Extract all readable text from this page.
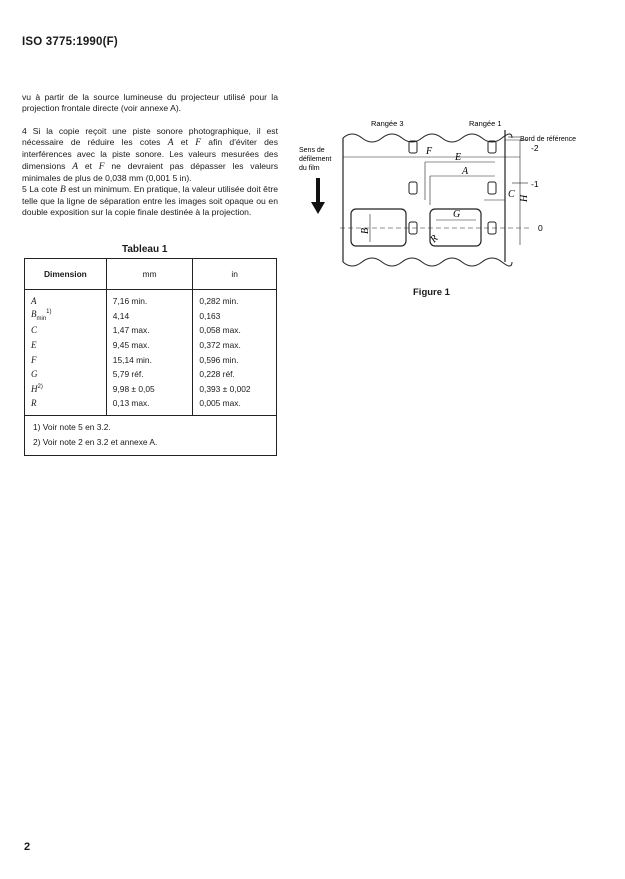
ISO 3775:1990(F)
vu à partir de la source lumineuse du projecteur utilisé pour la projection frontale directe (voir annexe A).
4 Si la copie reçoit une piste sonore photographique, il est nécessaire de réduire les cotes A et F afin d'éviter des interférences avec la piste sonore. Les valeurs mesurées des dimensions A et F ne devraient pas dépasser les valeurs minimales de plus de 0,038 mm (0,001 5 in).
5 La cote B est un minimum. En pratique, la valeur utilisée doit être telle que la ligne de séparation entre les images soit opaque ou en double exposition sur la copie finale destinée à la projection.
Tableau 1
Dimension	mm	in
A	7,16 min.	0,282 min.
$B_{min}^{1)}$	4,14	0,163
C	1,47 max.	0,058 max.
E	9,45 max.	0,372 max.
F	15,14 min.	0,596 min.
G	5,79 réf.	0,228 réf.
$H^{2)}$	9,98 ± 0,05	0,393 ± 0,002
R	0,13 max.	0,005 max.

1) Voir note 5 en 3.2.
2) Voir note 2 en 3.2 et annexe A.		
Rangée 3	Rangée 1
Bord de référence
Sens de
défilement
du film
F
E
A
C H
G
B
R
-2
-1
0
Figure 1
2
